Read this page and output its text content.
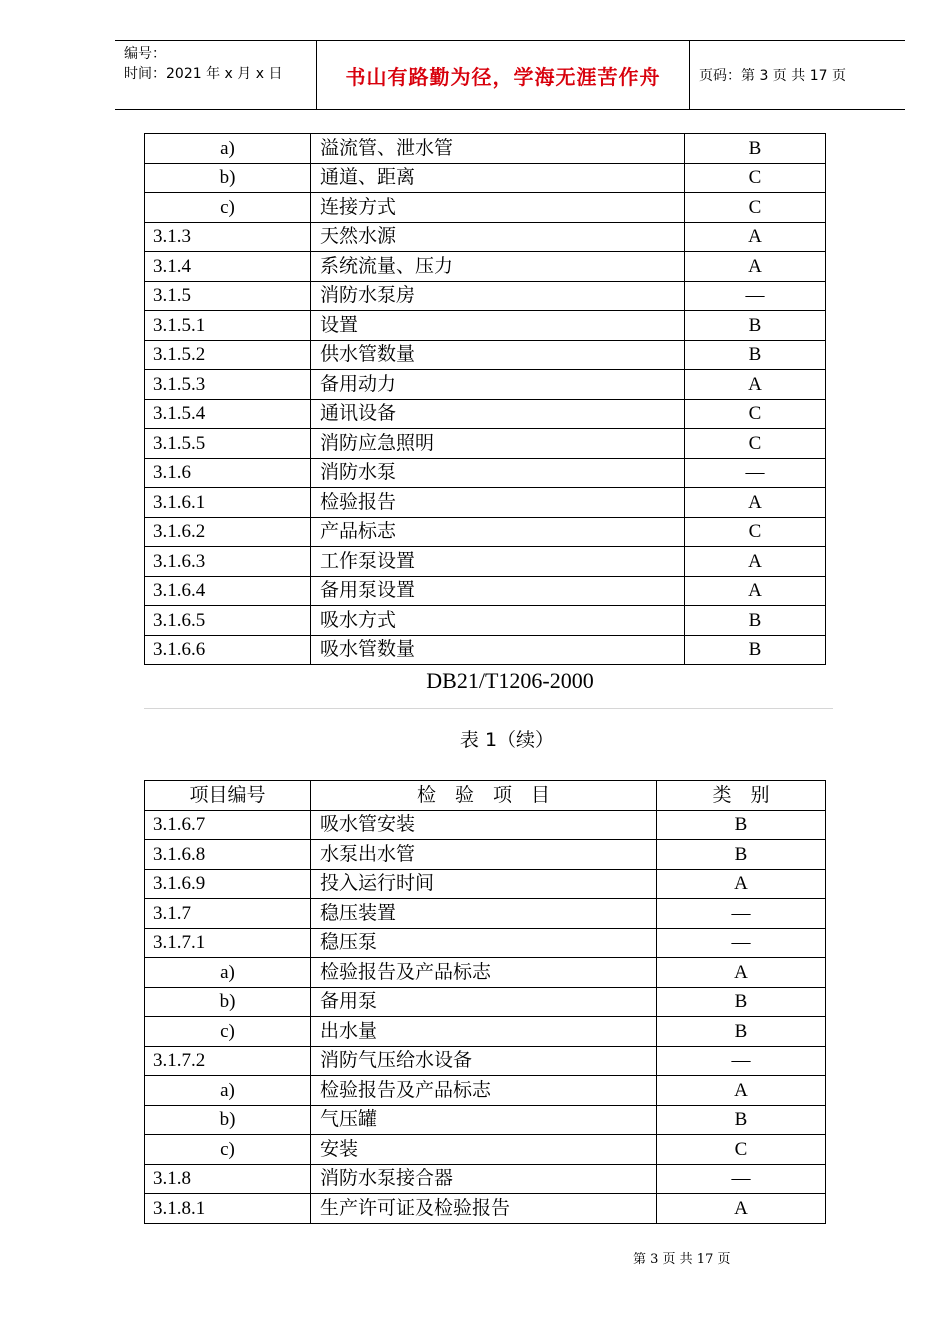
编号：
时间：2021 年 x 月 x 日	书山有路勤为径，学海无涯苦作舟	页码：第 3 页 共 17 页
a)	溢流管、泄水管	B
b)	通道、距离	C
c)	连接方式	C
3.1.3	天然水源	A
3.1.4	系统流量、压力	A
3.1.5	消防水泵房	—
3.1.5.1	设置	B
3.1.5.2	供水管数量	B
3.1.5.3	备用动力	A
3.1.5.4	通讯设备	C
3.1.5.5	消防应急照明	C
3.1.6	消防水泵	—
3.1.6.1	检验报告	A
3.1.6.2	产品标志	C
3.1.6.3	工作泵设置	A
3.1.6.4	备用泵设置	A
3.1.6.5	吸水方式	B
3.1.6.6	吸水管数量	B
DB21/T1206-2000
表 1（续）
项目编号	检　验　项　目	类　别
3.1.6.7	吸水管安装	B
3.1.6.8	水泵出水管	B
3.1.6.9	投入运行时间	A
3.1.7	稳压装置	—
3.1.7.1	稳压泵	—
a)	检验报告及产品标志	A
b)	备用泵	B
c)	出水量	B
3.1.7.2	消防气压给水设备	—
a)	检验报告及产品标志	A
b)	气压罐	B
c)	安装	C
3.1.8	消防水泵接合器	—
3.1.8.1	生产许可证及检验报告	A
第 3 页 共 17 页
